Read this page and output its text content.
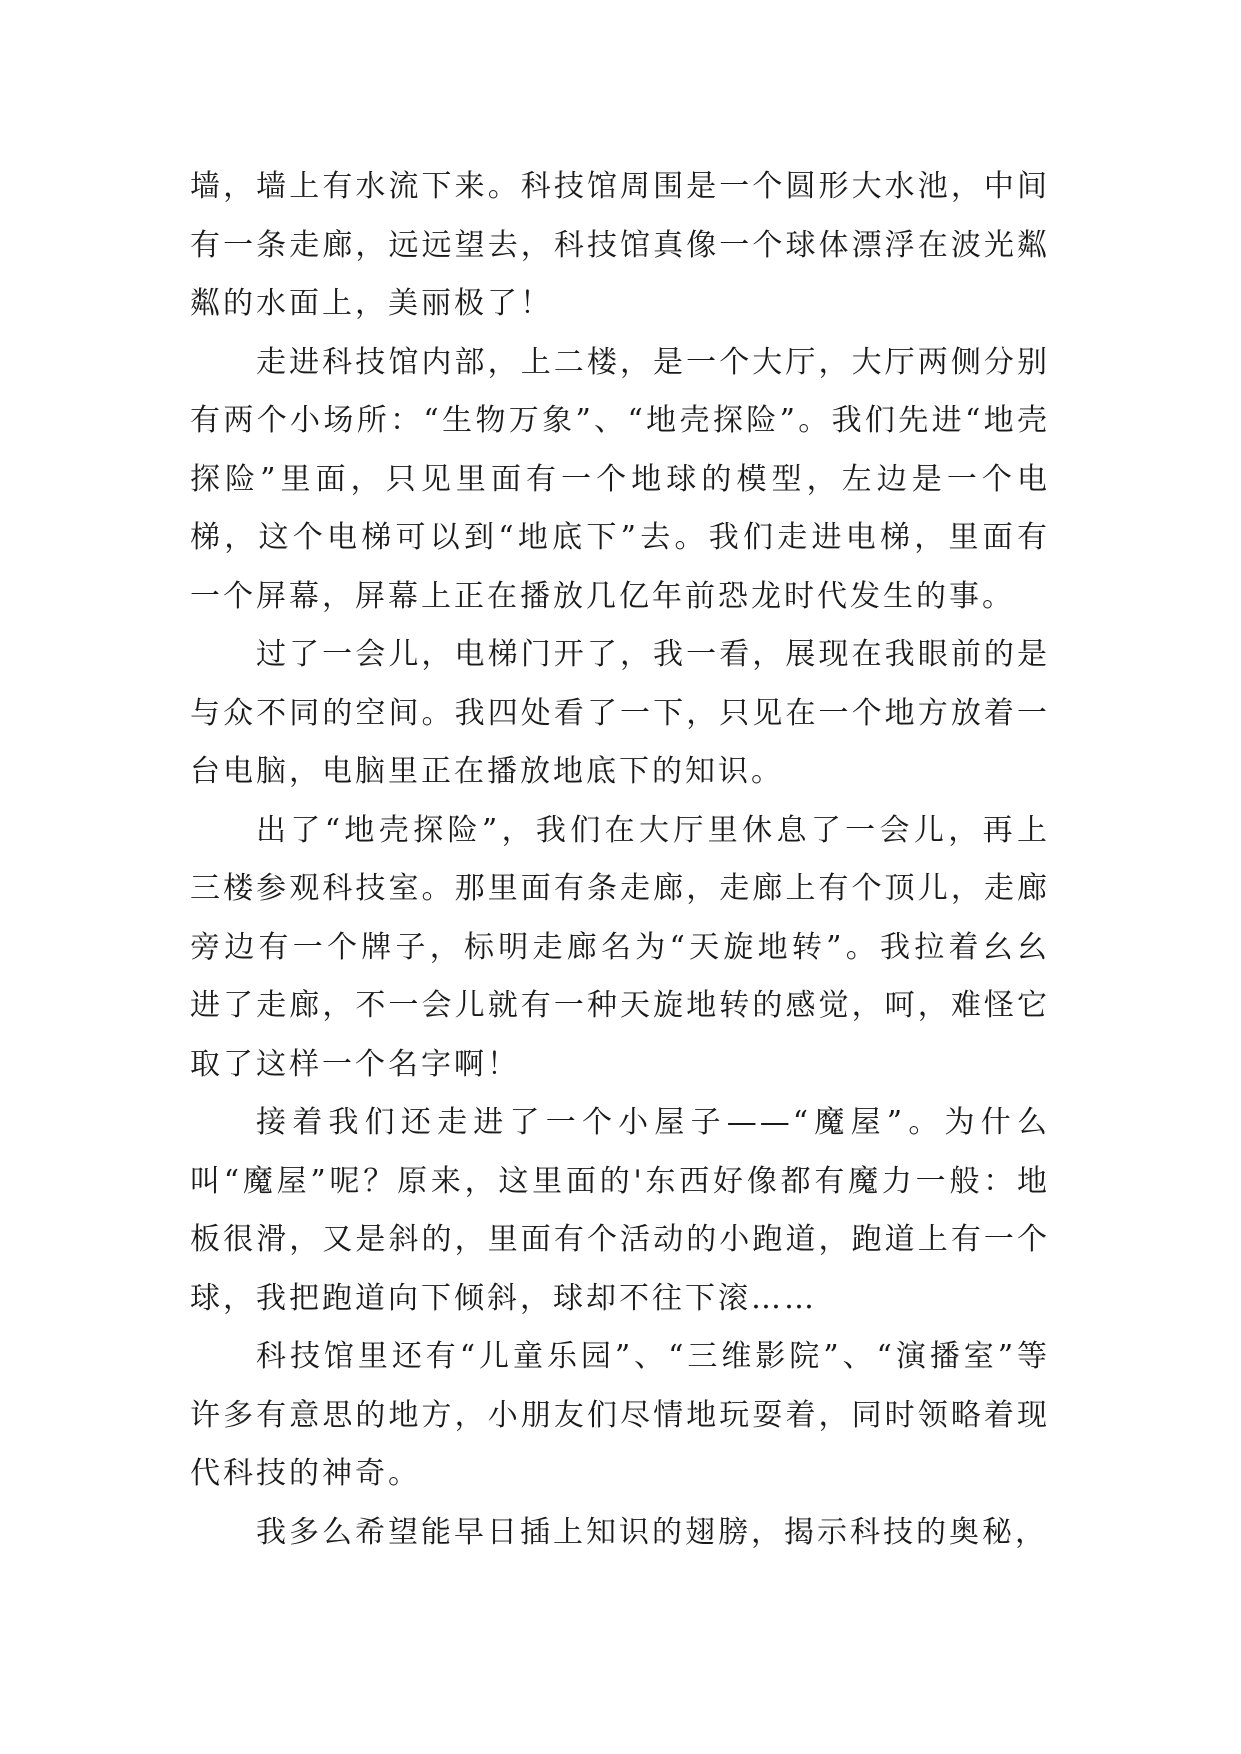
墙，墙上有水流下来。科技馆周围是一个圆形大水池，中间有一条走廊，远远望去，科技馆真像一个球体漂浮在波光粼粼的水面上，美丽极了！

走进科技馆内部，上二楼，是一个大厅，大厅两侧分别有两个小场所：“生物万象”、“地壳探险”。我们先进“地壳探险”里面，只见里面有一个地球的模型，左边是一个电梯，这个电梯可以到“地底下”去。我们走进电梯，里面有一个屏幕，屏幕上正在播放几亿年前恐龙时代发生的事。

过了一会儿，电梯门开了，我一看，展现在我眼前的是与众不同的空间。我四处看了一下，只见在一个地方放着一台电脑，电脑里正在播放地底下的知识。

出了“地壳探险”，我们在大厅里休息了一会儿，再上三楼参观科技室。那里面有条走廊，走廊上有个顶儿，走廊旁边有一个牌子，标明走廊名为“天旋地转”。我拉着幺幺进了走廊，不一会儿就有一种天旋地转的感觉，呵，难怪它取了这样一个名字啊！

接着我们还走进了一个小屋子——“魔屋”。为什么叫“魔屋”呢？原来，这里面的'东西好像都有魔力一般：地板很滑，又是斜的，里面有个活动的小跑道，跑道上有一个球，我把跑道向下倾斜，球却不往下滚……

科技馆里还有“儿童乐园”、“三维影院”、“演播室”等许多有意思的地方，小朋友们尽情地玩耍着，同时领略着现代科技的神奇。

我多么希望能早日插上知识的翅膀，揭示科技的奥秘，
